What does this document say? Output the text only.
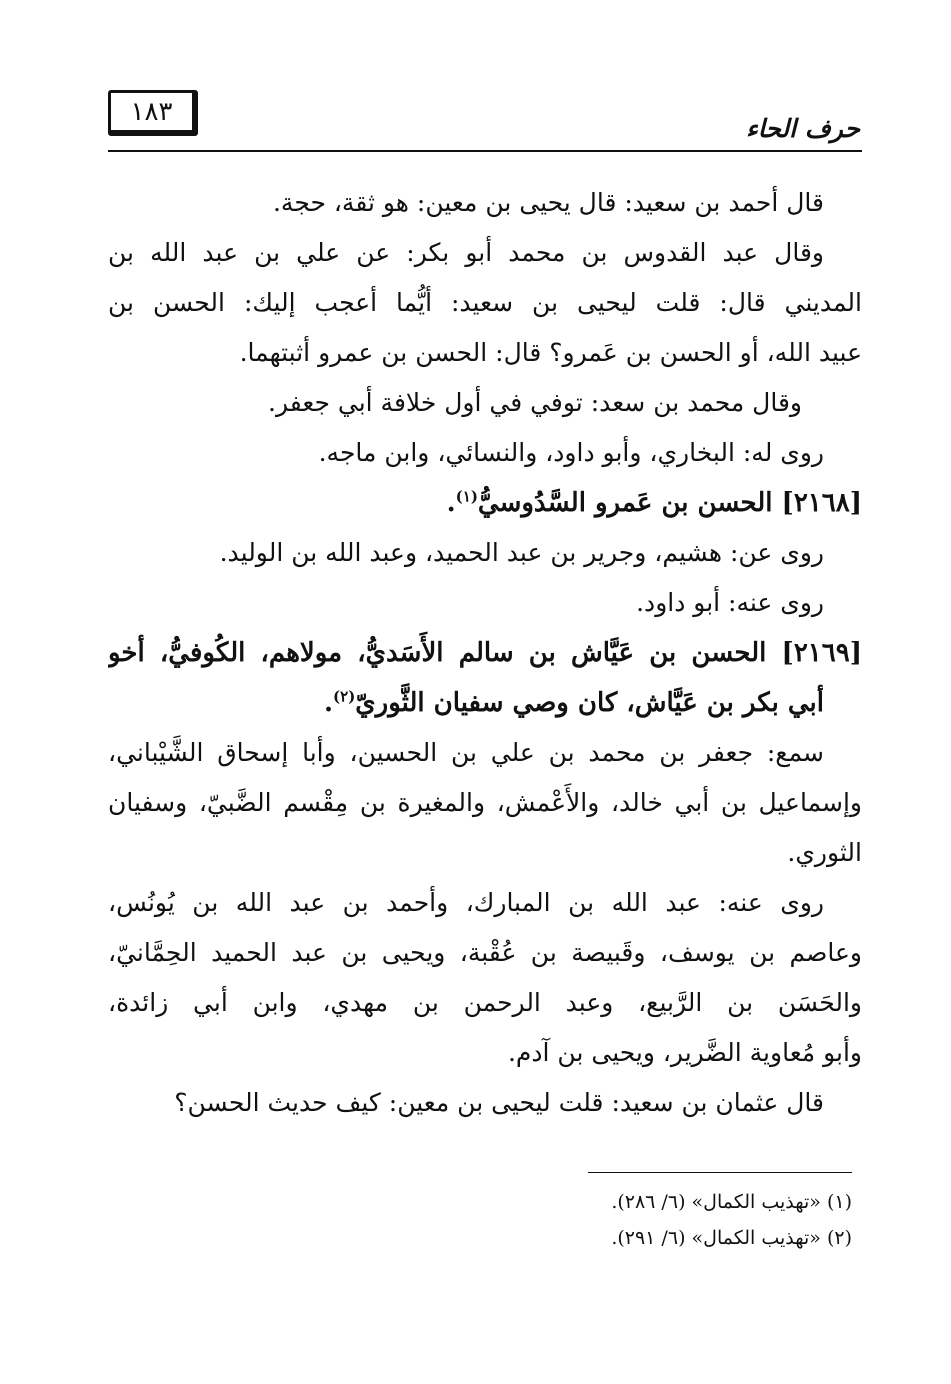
١٨٣
حرف الحاء
قال أحمد بن سعيد: قال يحيى بن معين: هو ثقة، حجة.
وقال عبد القدوس بن محمد أبو بكر: عن علي بن عبد الله بن
المديني قال: قلت ليحيى بن سعيد: أيُّما أعجب إليك: الحسن بن
عبيد الله، أو الحسن بن عَمرو؟ قال: الحسن بن عمرو أثبتهما.
وقال محمد بن سعد: توفي في أول خلافة أبي جعفر.
روى له: البخاري، وأبو داود، والنسائي، وابن ماجه.
[٢١٦٨] الحسن بن عَمرو السَّدُوسيُّ$^{(١)}$.
روى عن: هشيم، وجرير بن عبد الحميد، وعبد الله بن الوليد.
روى عنه: أبو داود.
[٢١٦٩] الحسن بن عَيَّاش بن سالم الأَسَديُّ، مولاهم، الكُوفيُّ، أخو
أبي بكر بن عَيَّاش، كان وصي سفيان الثَّوريّ$^{(٢)}$.
سمع: جعفر بن محمد بن علي بن الحسين، وأبا إسحاق الشَّيْباني،
وإسماعيل بن أبي خالد، والأَعْمش، والمغيرة بن مِقْسم الضَّبيّ، وسفيان
الثوري.
روى عنه: عبد الله بن المبارك، وأحمد بن عبد الله بن يُونُس،
وعاصم بن يوسف، وقَبيصة بن عُقْبة، ويحيى بن عبد الحميد الحِمَّانيّ،
والحَسَن بن الرَّبيع، وعبد الرحمن بن مهدي، وابن أبي زائدة،
وأبو مُعاوية الضَّرير، ويحيى بن آدم.
قال عثمان بن سعيد: قلت ليحيى بن معين: كيف حديث الحسن؟
(١) «تهذيب الكمال» (٦/ ٢٨٦).
(٢) «تهذيب الكمال» (٦/ ٢٩١).
